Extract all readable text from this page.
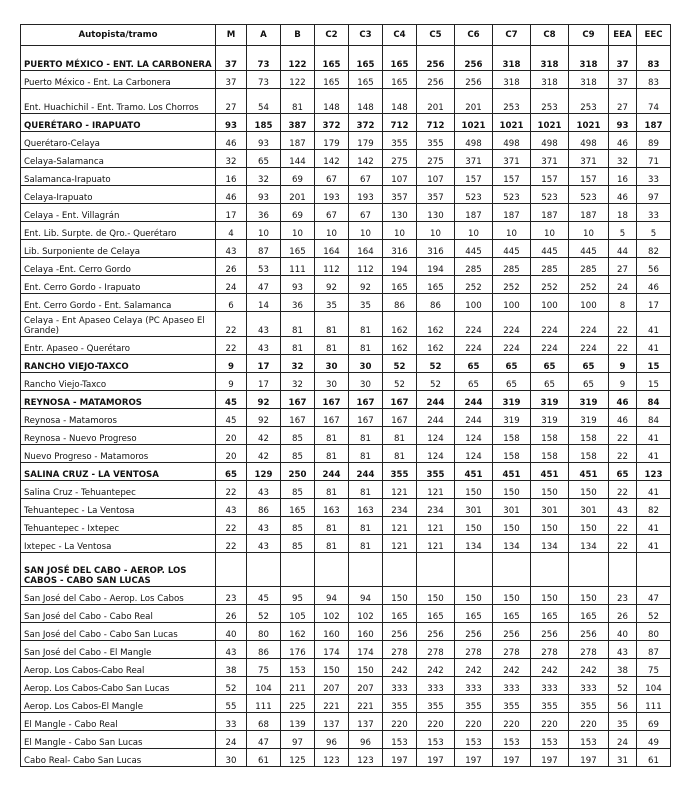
Autopista/tramo	M	A	B	C2	C3	C4	C5	C6	C7	C8	C9	EEA	EEC
PUERTO MÉXICO - ENT. LA CARBONERA	37	73	122	165	165	165	256	256	318	318	318	37	83
Puerto México - Ent. La Carbonera	37	73	122	165	165	165	256	256	318	318	318	37	83
Ent. Huachichil - Ent. Tramo. Los Chorros	27	54	81	148	148	148	201	201	253	253	253	27	74
QUERÉTARO - IRAPUATO	93	185	387	372	372	712	712	1021	1021	1021	1021	93	187
Querétaro-Celaya	46	93	187	179	179	355	355	498	498	498	498	46	89
Celaya-Salamanca	32	65	144	142	142	275	275	371	371	371	371	32	71
Salamanca-Irapuato	16	32	69	67	67	107	107	157	157	157	157	16	33
Celaya-Irapuato	46	93	201	193	193	357	357	523	523	523	523	46	97
Celaya - Ent. Villagrán	17	36	69	67	67	130	130	187	187	187	187	18	33
Ent. Lib. Surpte. de Qro.- Querétaro	4	10	10	10	10	10	10	10	10	10	10	5	5
Lib. Surponiente de Celaya	43	87	165	164	164	316	316	445	445	445	445	44	82
Celaya -Ent. Cerro Gordo	26	53	111	112	112	194	194	285	285	285	285	27	56
Ent. Cerro Gordo - Irapuato	24	47	93	92	92	165	165	252	252	252	252	24	46
Ent. Cerro Gordo - Ent. Salamanca	6	14	36	35	35	86	86	100	100	100	100	8	17
Celaya - Ent Apaseo Celaya (PC Apaseo El Grande)	22	43	81	81	81	162	162	224	224	224	224	22	41
Entr. Apaseo - Querétaro	22	43	81	81	81	162	162	224	224	224	224	22	41
RANCHO VIEJO-TAXCO	9	17	32	30	30	52	52	65	65	65	65	9	15
Rancho Viejo-Taxco	9	17	32	30	30	52	52	65	65	65	65	9	15
REYNOSA - MATAMOROS	45	92	167	167	167	167	244	244	319	319	319	46	84
Reynosa - Matamoros	45	92	167	167	167	167	244	244	319	319	319	46	84
Reynosa - Nuevo Progreso	20	42	85	81	81	81	124	124	158	158	158	22	41
Nuevo Progreso - Matamoros	20	42	85	81	81	81	124	124	158	158	158	22	41
SALINA CRUZ - LA VENTOSA	65	129	250	244	244	355	355	451	451	451	451	65	123
Salina Cruz - Tehuantepec	22	43	85	81	81	121	121	150	150	150	150	22	41
Tehuantepec - La Ventosa	43	86	165	163	163	234	234	301	301	301	301	43	82
Tehuantepec - Ixtepec	22	43	85	81	81	121	121	150	150	150	150	22	41
Ixtepec - La Ventosa	22	43	85	81	81	121	121	134	134	134	134	22	41
SAN JOSÉ DEL CABO - AEROP. LOS CABOS - CABO SAN LUCAS													
San José del Cabo - Aerop. Los Cabos	23	45	95	94	94	150	150	150	150	150	150	23	47
San José del Cabo - Cabo Real	26	52	105	102	102	165	165	165	165	165	165	26	52
San José del Cabo - Cabo San Lucas	40	80	162	160	160	256	256	256	256	256	256	40	80
San José del Cabo - El Mangle	43	86	176	174	174	278	278	278	278	278	278	43	87
Aerop. Los Cabos-Cabo Real	38	75	153	150	150	242	242	242	242	242	242	38	75
Aerop. Los Cabos-Cabo San Lucas	52	104	211	207	207	333	333	333	333	333	333	52	104
Aerop. Los Cabos-El Mangle	55	111	225	221	221	355	355	355	355	355	355	56	111
El Mangle - Cabo Real	33	68	139	137	137	220	220	220	220	220	220	35	69
El Mangle - Cabo San Lucas	24	47	97	96	96	153	153	153	153	153	153	24	49
Cabo Real- Cabo San Lucas	30	61	125	123	123	197	197	197	197	197	197	31	61
